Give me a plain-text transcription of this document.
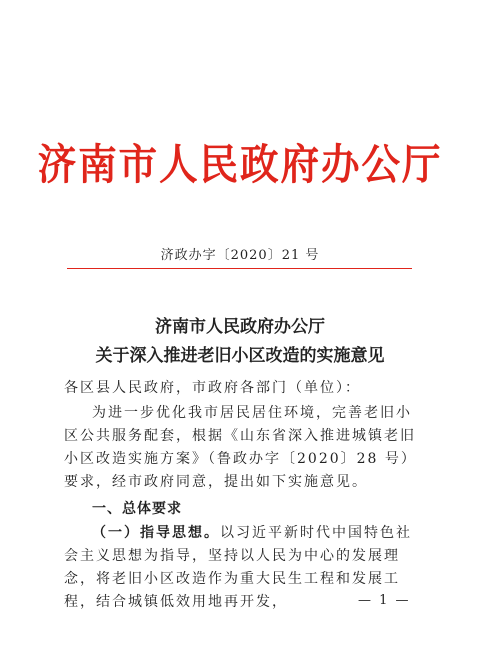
济南市人民政府办公厅
济政办字〔2020〕21 号
济南市人民政府办公厅
关于深入推进老旧小区改造的实施意见
各区县人民政府，市政府各部门（单位）：
为进一步优化我市居民居住环境，完善老旧小区公共服务配套，根据《山东省深入推进城镇老旧小区改造实施方案》（鲁政办字〔2020〕28 号）要求，经市政府同意，提出如下实施意见。
一、总体要求
（一）指导思想。以习近平新时代中国特色社会主义思想为指导，坚持以人民为中心的发展理念，将老旧小区改造作为重大民生工程和发展工程，结合城镇低效用地再开发，	— 1 —
